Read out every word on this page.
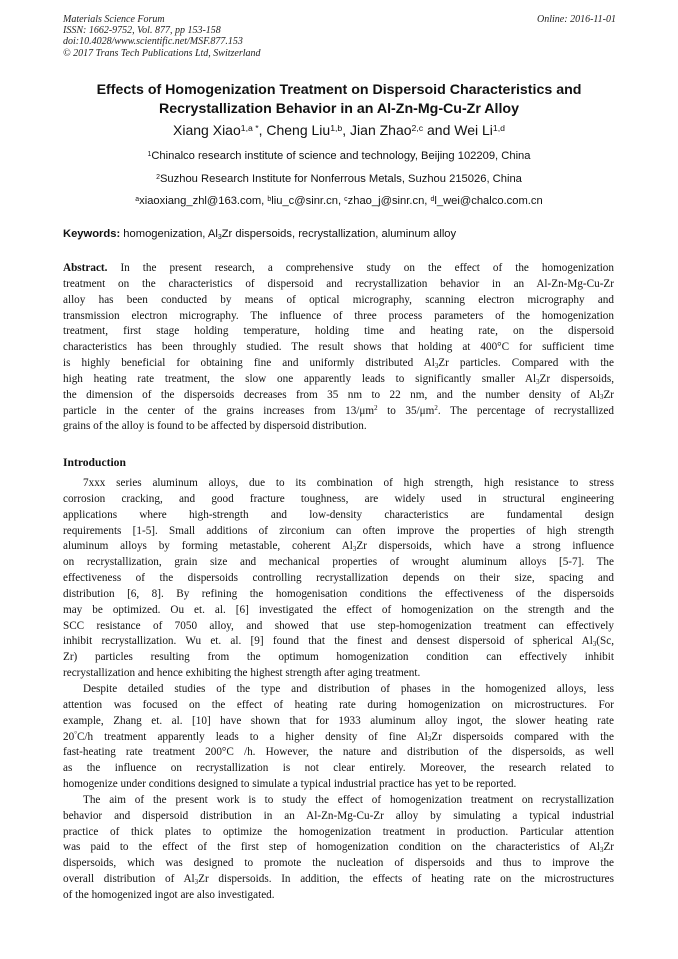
Materials Science Forum
ISSN: 1662-9752, Vol. 877, pp 153-158
doi:10.4028/www.scientific.net/MSF.877.153
© 2017 Trans Tech Publications Ltd, Switzerland
Online: 2016-11-01
Effects of Homogenization Treatment on Dispersoid Characteristics and
Recrystallization Behavior in an Al-Zn-Mg-Cu-Zr Alloy
Xiang Xiao$^{1,a *}$, Cheng Liu$^{1,b}$, Jian Zhao$^{2,c}$ and Wei Li$^{1,d}$
$^1$Chinalco research institute of science and technology, Beijing 102209, China
$^2$Suzhou Research Institute for Nonferrous Metals, Suzhou 215026, China
$^a$xiaoxiang_zhl@163.com, $^b$liu_c@sinr.cn, $^c$zhao_j@sinr.cn, $^d$l_wei@chalco.com.cn
Keywords: homogenization, $Al_3Zr$ dispersoids, recrystallization, aluminum alloy
Abstract. In the present research, a comprehensive study on the effect of the homogenization
treatment on the characteristics of dispersoid and recrystallization behavior in an Al-Zn-Mg-Cu-Zr
alloy has been conducted by means of optical micrography, scanning electron micrography and
transmission electron micrography. The influence of three process parameters of the homogenization
treatment, first stage holding temperature, holding time and heating rate, on the dispersoid
characteristics has been throughly studied. The result shows that holding at 400°C for sufficient time
is highly beneficial for obtaining fine and uniformly distributed $Al_3Zr$ particles. Compared with the
high heating rate treatment, the slow one apparently leads to significantly smaller $Al_3Zr$ dispersoids,
the dimension of the dispersoids decreases from 35 nm to 22 nm, and the number density of $Al_3Zr$
particle in the center of the grains increases from $13/\mu m^2$ to $35/\mu m^2$. The percentage of recrystallized
grains of the alloy is found to be affected by dispersoid distribution.
Introduction
7xxx series aluminum alloys, due to its combination of high strength, high resistance to stress
corrosion cracking, and good fracture toughness, are widely used in structural engineering
applications where high-strength and low-density characteristics are fundamental design
requirements [1-5]. Small additions of zirconium can often improve the properties of high strength
aluminum alloys by forming metastable, coherent $Al_3Zr$ dispersoids, which have a strong influence
on recrystallization, grain size and mechanical properties of wrought aluminum alloys [5-7]. The
effectiveness of the dispersoids controlling recrystallization depends on their size, spacing and
distribution [6, 8]. By refining the homogenisation conditions the effectiveness of the dispersoids
may be optimized. Ou et. al. [6] investigated the effect of homogenization on the strength and the
SCC resistance of 7050 alloy, and showed that use step-homogenization treatment can effectively
inhibit recrystallization. Wu et. al. [9] found that the finest and densest dispersoid of spherical $Al_3(Sc$,
Zr) particles resulting from the optimum homogenization condition can effectively inhibit
recrystallization and hence exhibiting the highest strength after aging treatment.
Despite detailed studies of the type and distribution of phases in the homogenized alloys, less
attention was focused on the effect of heating rate during homogenization on microstructures. For
example, Zhang et. al. [10] have shown that for 1933 aluminum alloy ingot, the slower heating rate
20°C/h treatment apparently leads to a higher density of fine $Al_3Zr$ dispersoids compared with the
fast-heating rate treatment 200°C /h. However, the nature and distribution of the dispersoids, as well
as the influence on recrystallization is not clear entirely. Moreover, the research related to
homogenize under conditions designed to simulate a typical industrial practice has yet to be reported.
The aim of the present work is to study the effect of homogenization treatment on recrystallization
behavior and dispersoid distribution in an Al-Zn-Mg-Cu-Zr alloy by simulating a typical industrial
practice of thick plates to optimize the homogenization treatment in production. Particular attention
was paid to the effect of the first step of homogenization condition on the characteristics of $Al_3Zr$
dispersoids, which was designed to promote the nucleation of dispersoids and thus to improve the
overall distribution of $Al_3Zr$ dispersoids. In addition, the effects of heating rate on the microstructures
of the homogenized ingot are also investigated.
